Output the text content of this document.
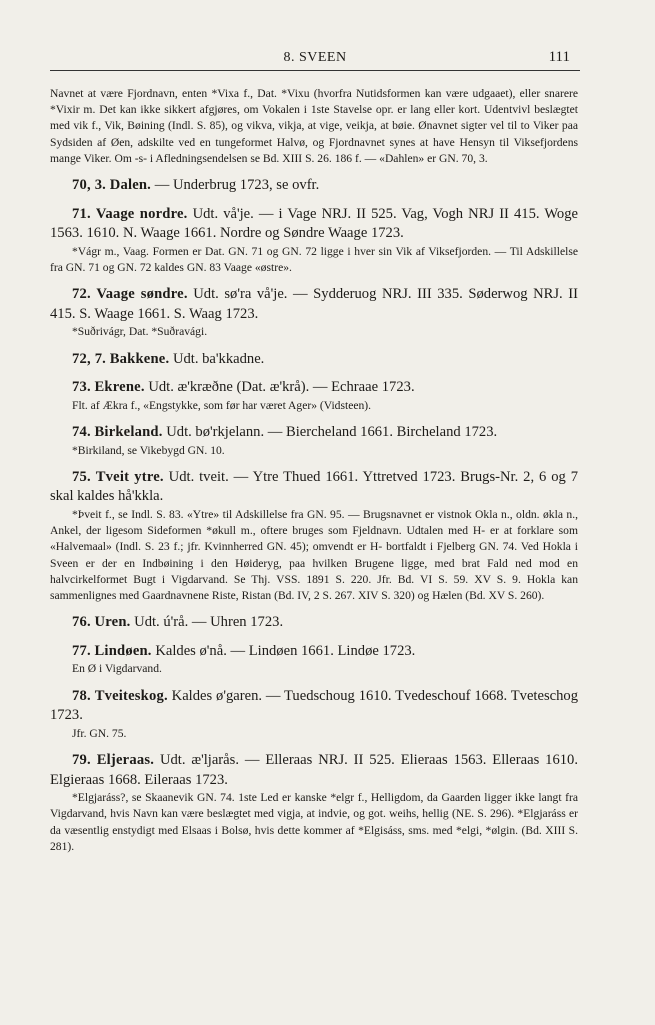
8. SVEEN	111

Navnet at være Fjordnavn, enten *Vixa f., Dat. *Vixu (hvorfra Nutidsformen kan være udgaaet), eller snarere *Vixir m. Det kan ikke sikkert afgjøres, om Vokalen i 1ste Stavelse opr. er lang eller kort. Udentvivl beslægtet med vik f., Vik, Bøining (Indl. S. 85), og vikva, vikja, at vige, veikja, at bøie. Ønavnet sigter vel til to Viker paa Sydsiden af Øen, adskilte ved en tungeformet Halvø, og Fjordnavnet synes at have Hensyn til Viksefjordens mange Viker. Om -s- i Afledningsendelsen se Bd. XIII S. 26. 186 f. — «Dahlen» er GN. 70, 3.

70, 3. Dalen. — Underbrug 1723, se ovfr.

71. Vaage nordre. Udt. vå'je. — i Vage NRJ. II 525. Vag, Vogh NRJ II 415. Woge 1563. 1610. N. Waage 1661. Nordre og Søndre Waage 1723.

*Vágr m., Vaag. Formen er Dat. GN. 71 og GN. 72 ligge i hver sin Vik af Viksefjorden. — Til Adskillelse fra GN. 71 og GN. 72 kaldes GN. 83 Vaage «østre».

72. Vaage søndre. Udt. sø'ra vå'je. — Sydderuog NRJ. III 335. Søderwog NRJ. II 415. S. Waage 1661. S. Waag 1723.

*Suðrivágr, Dat. *Suðravági.

72, 7. Bakkene. Udt. ba'kkadne.

73. Ekrene. Udt. æ'kræðne (Dat. æ'krå). — Echraae 1723.

Flt. af Ækra f., «Engstykke, som før har været Ager» (Vidsteen).

74. Birkeland. Udt. bø'rkjelann. — Biercheland 1661. Bircheland 1723.

*Birkiland, se Vikebygd GN. 10.

75. Tveit ytre. Udt. tveit. — Ytre Thued 1661. Yttretved 1723. Brugs-Nr. 2, 6 og 7 skal kaldes hå'kkla.

*Þveit f., se Indl. S. 83. «Ytre» til Adskillelse fra GN. 95. — Brugsnavnet er vistnok Okla n., oldn. økla n., Ankel, der ligesom Sideformen *økull m., oftere bruges som Fjeldnavn. Udtalen med H- er at forklare som «Halvemaal» (Indl. S. 23 f.; jfr. Kvinnherred GN. 45); omvendt er H- bortfaldt i Fjelberg GN. 74. Ved Hokla i Sveen er der en Indbøining i den Høideryg, paa hvilken Brugene ligge, med brat Fald ned mod en halvcirkelformet Bugt i Vigdarvand. Se Thj. VSS. 1891 S. 220. Jfr. Bd. VI S. 59. XV S. 9. Hokla kan sammenlignes med Gaardnavnene Riste, Ristan (Bd. IV, 2 S. 267. XIV S. 320) og Hælen (Bd. XV S. 260).

76. Uren. Udt. ú'rå. — Uhren 1723.

77. Lindøen. Kaldes ø'nå. — Lindøen 1661. Lindøe 1723.

En Ø i Vigdarvand.

78. Tveiteskog. Kaldes ø'garen. — Tuedschoug 1610. Tvedeschouf 1668. Tveteschog 1723.

Jfr. GN. 75.

79. Eljeraas. Udt. æ'ljarås. — Elleraas NRJ. II 525. Elieraas 1563. Elleraas 1610. Elgieraas 1668. Eileraas 1723.

*Elgjaráss?, se Skaanevik GN. 74. 1ste Led er kanske *elgr f., Helligdom, da Gaarden ligger ikke langt fra Vigdarvand, hvis Navn kan være beslægtet med vigja, at indvie, og got. weihs, hellig (NE. S. 296). *Elgjaráss er da væsentlig enstydigt med Elsaas i Bolsø, hvis dette kommer af *Elgisáss, sms. med *elgi, *ølgin. (Bd. XIII S. 281).
